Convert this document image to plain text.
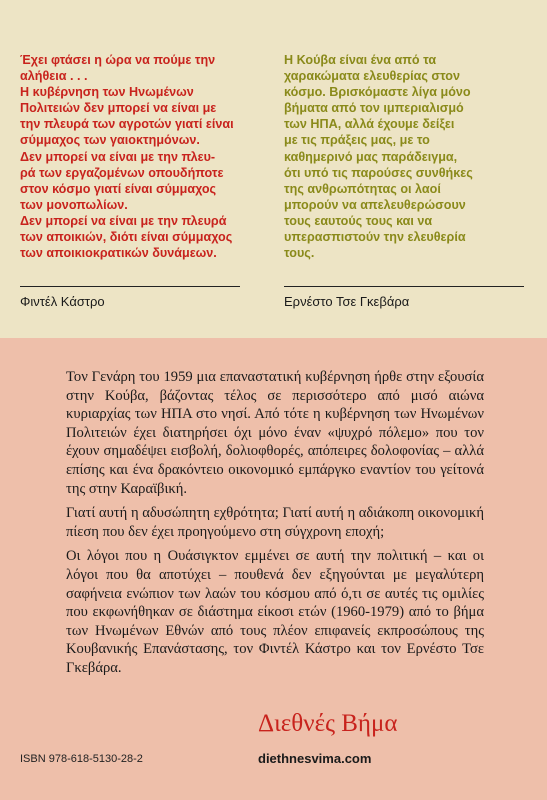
Έχει φτάσει η ώρα να πούμε την

αλήθεια . . .

Η κυβέρνηση των Ηνωμένων

Πολιτειών δεν μπορεί να είναι με

την πλευρά των αγροτών γιατί είναι

σύμμαχος των γαιοκτημόνων.

Δεν μπορεί να είναι με την πλευ-

ρά των εργαζομένων οπουδήποτε

στον κόσμο γιατί είναι σύμμαχος

των μονοπωλίων.

Δεν μπορεί να είναι με την πλευρά

των αποικιών, διότι είναι σύμμαχος

των αποικιοκρατικών δυνάμεων.

Η Κούβα είναι ένα από τα

χαρακώματα ελευθερίας στον

κόσμο. Βρισκόμαστε λίγα μόνο

βήματα από τον ιμπεριαλισμό

των ΗΠΑ, αλλά έχουμε δείξει

με τις πράξεις μας, με το

καθημερινό μας παράδειγμα,

ότι υπό τις παρούσες συνθήκες

της ανθρωπότητας οι λαοί

μπορούν να απελευθερώσουν

τους εαυτούς τους και να

υπερασπιστούν την ελευθερία

τους.

Φιντέλ Κάστρο	Ερνέστο Τσε Γκεβάρα

Τον Γενάρη του 1959 μια επαναστατική κυβέρνηση ήρθε στην εξουσία στην Κούβα, βάζοντας τέλος σε περισσότερο από μισό αιώνα κυριαρχίας των ΗΠΑ στο νησί. Από τότε η κυβέρνηση των Ηνωμένων Πολιτειών έχει διατηρήσει όχι μόνο έναν «ψυχρό πόλεμο» που τον έχουν σημαδέψει εισβολή, δολιοφθορές, απόπειρες δολοφονίας – αλλά επίσης και ένα δρακόντειο οικονομικό εμπάργκο εναντίον του γείτονά της στην Καραϊβική.

Γιατί αυτή η αδυσώπητη εχθρότητα; Γιατί αυτή η αδιάκοπη οικονομική πίεση που δεν έχει προηγούμενο στη σύγχρονη εποχή;

Οι λόγοι που η Ουάσιγκτον εμμένει σε αυτή την πολιτική – και οι λόγοι που θα αποτύχει – πουθενά δεν εξηγούνται με μεγαλύτερη σαφήνεια ενώπιον των λαών του κόσμου από ό,τι σε αυτές τις ομιλίες που εκφωνήθηκαν σε διάστημα είκοσι ετών (1960-1979) από το βήμα των Ηνωμένων Εθνών από τους πλέον επιφανείς εκπροσώπους της Κουβανικής Επανάστασης, τον Φιντέλ Κάστρο και τον Ερνέστο Τσε Γκεβάρα.

ISBN 978-618-5130-28-2
Διεθνές Βήμα
diethnesvima.com
